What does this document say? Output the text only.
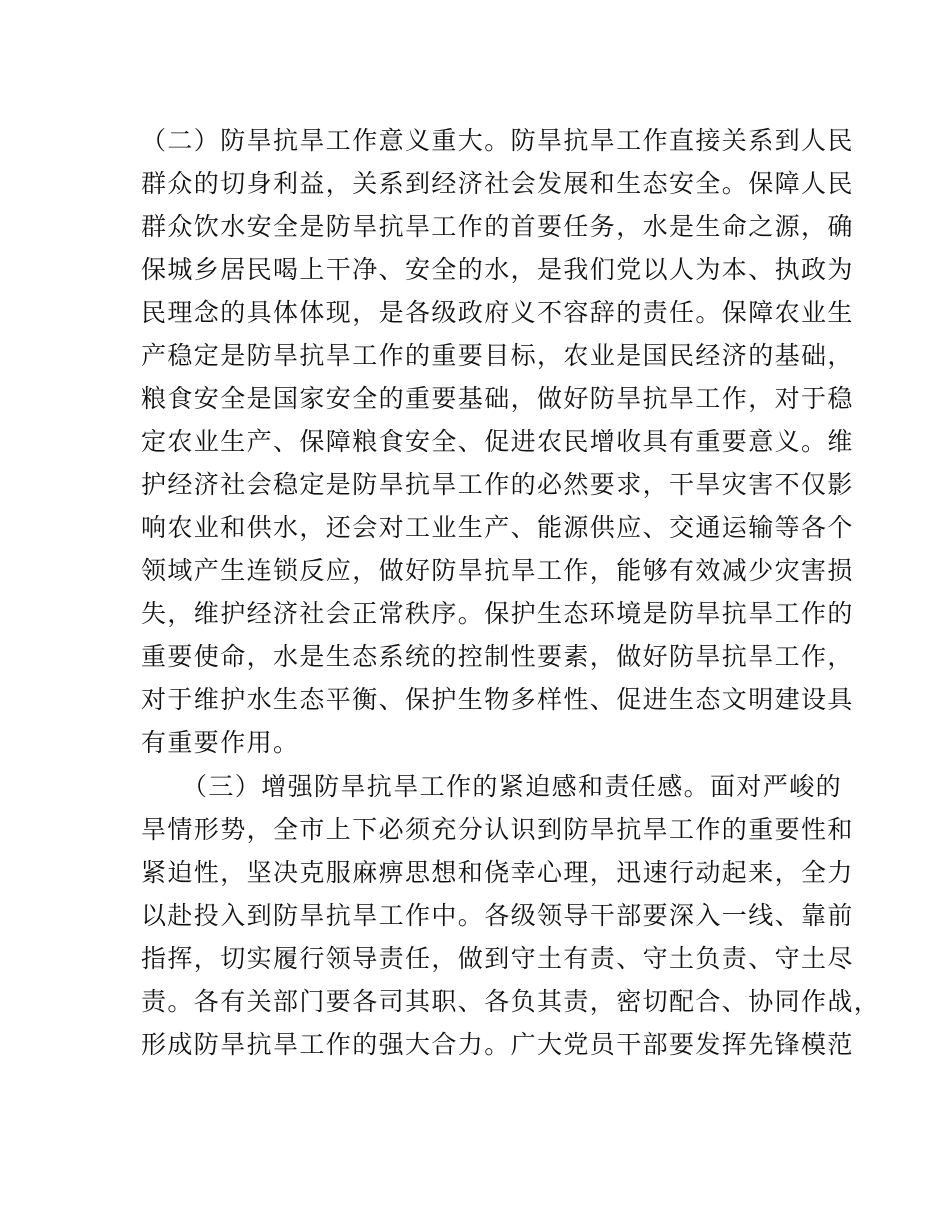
（二）防旱抗旱工作意义重大。防旱抗旱工作直接关系到人民
群众的切身利益，关系到经济社会发展和生态安全。保障人民
群众饮水安全是防旱抗旱工作的首要任务，水是生命之源，确
保城乡居民喝上干净、安全的水，是我们党以人为本、执政为
民理念的具体体现，是各级政府义不容辞的责任。保障农业生
产稳定是防旱抗旱工作的重要目标，农业是国民经济的基础，
粮食安全是国家安全的重要基础，做好防旱抗旱工作，对于稳
定农业生产、保障粮食安全、促进农民增收具有重要意义。维
护经济社会稳定是防旱抗旱工作的必然要求，干旱灾害不仅影
响农业和供水，还会对工业生产、能源供应、交通运输等各个
领域产生连锁反应，做好防旱抗旱工作，能够有效减少灾害损
失，维护经济社会正常秩序。保护生态环境是防旱抗旱工作的
重要使命，水是生态系统的控制性要素，做好防旱抗旱工作，
对于维护水生态平衡、保护生物多样性、促进生态文明建设具
有重要作用。
（三）增强防旱抗旱工作的紧迫感和责任感。面对严峻的
旱情形势，全市上下必须充分认识到防旱抗旱工作的重要性和
紧迫性，坚决克服麻痹思想和侥幸心理，迅速行动起来，全力
以赴投入到防旱抗旱工作中。各级领导干部要深入一线、靠前
指挥，切实履行领导责任，做到守土有责、守土负责、守土尽
责。各有关部门要各司其职、各负其责，密切配合、协同作战，
形成防旱抗旱工作的强大合力。广大党员干部要发挥先锋模范
